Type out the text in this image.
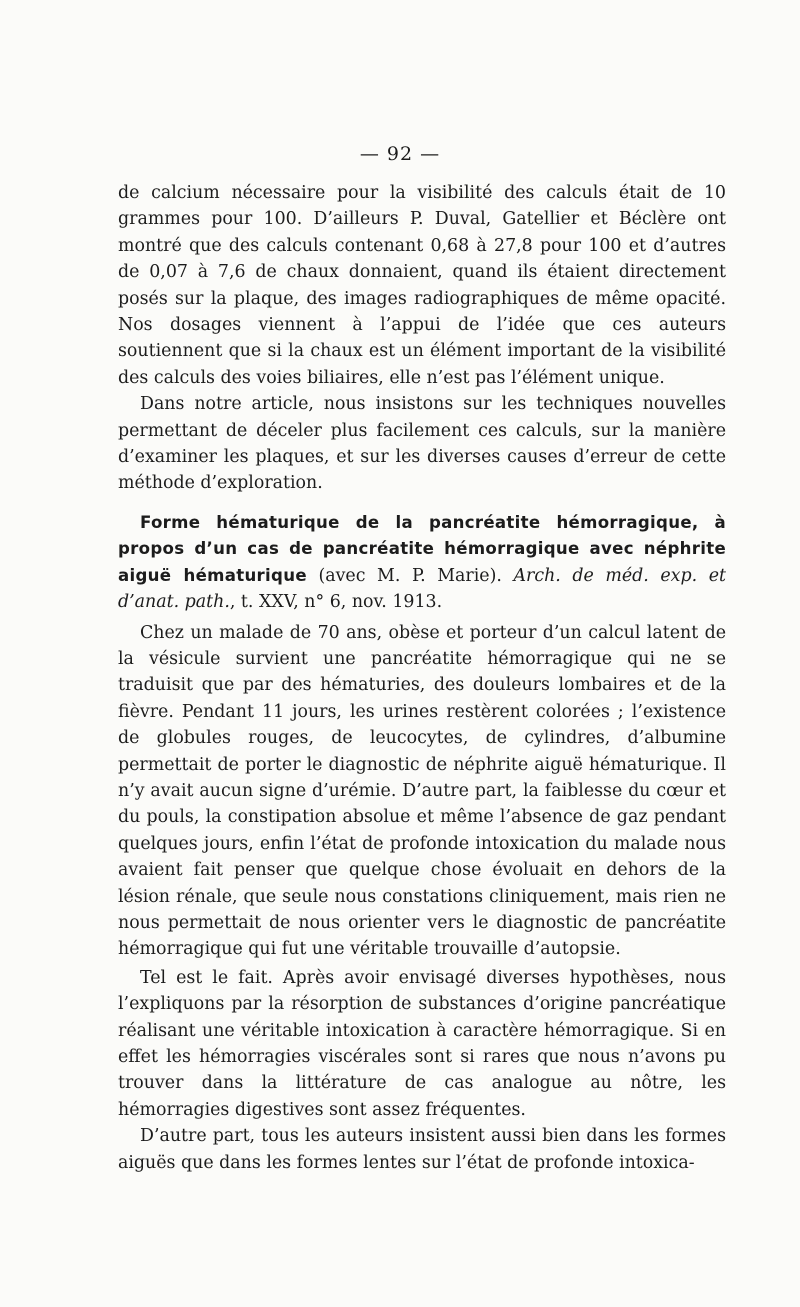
— 92 —

de calcium nécessaire pour la visibilité des calculs était de 10 grammes pour 100. D’ailleurs P. Duval, Gatellier et Béclère ont montré que des calculs contenant 0,68 à 27,8 pour 100 et d’autres de 0,07 à 7,6 de chaux donnaient, quand ils étaient directement posés sur la plaque, des images radiographiques de même opacité. Nos dosages viennent à l’appui de l’idée que ces auteurs soutiennent que si la chaux est un élément important de la visibilité des calculs des voies biliaires, elle n’est pas l’élément unique.

Dans notre article, nous insistons sur les techniques nouvelles permettant de déceler plus facilement ces calculs, sur la manière d’examiner les plaques, et sur les diverses causes d’erreur de cette méthode d’exploration.

Forme hématurique de la pancréatite hémorragique, à propos d’un cas de pancréatite hémorragique avec néphrite aiguë hématurique (avec M. P. Marie). Arch. de méd. exp. et d’anat. path., t. XXV, n° 6, nov. 1913.

Chez un malade de 70 ans, obèse et porteur d’un calcul latent de la vésicule survient une pancréatite hémorragique qui ne se traduisit que par des hématuries, des douleurs lombaires et de la fièvre. Pendant 11 jours, les urines restèrent colorées ; l’existence de globules rouges, de leucocytes, de cylindres, d’albumine permettait de porter le diagnostic de néphrite aiguë hématurique. Il n’y avait aucun signe d’urémie. D’autre part, la faiblesse du cœur et du pouls, la constipation absolue et même l’absence de gaz pendant quelques jours, enfin l’état de profonde intoxication du malade nous avaient fait penser que quelque chose évoluait en dehors de la lésion rénale, que seule nous constations cliniquement, mais rien ne nous permettait de nous orienter vers le diagnostic de pancréatite hémorragique qui fut une véritable trouvaille d’autopsie.

Tel est le fait. Après avoir envisagé diverses hypothèses, nous l’expliquons par la résorption de substances d’origine pancréatique réalisant une véritable intoxication à caractère hémorragique. Si en effet les hémorragies viscérales sont si rares que nous n’avons pu trouver dans la littérature de cas analogue au nôtre, les hémorragies digestives sont assez fréquentes.

D’autre part, tous les auteurs insistent aussi bien dans les formes aiguës que dans les formes lentes sur l’état de profonde intoxica-
